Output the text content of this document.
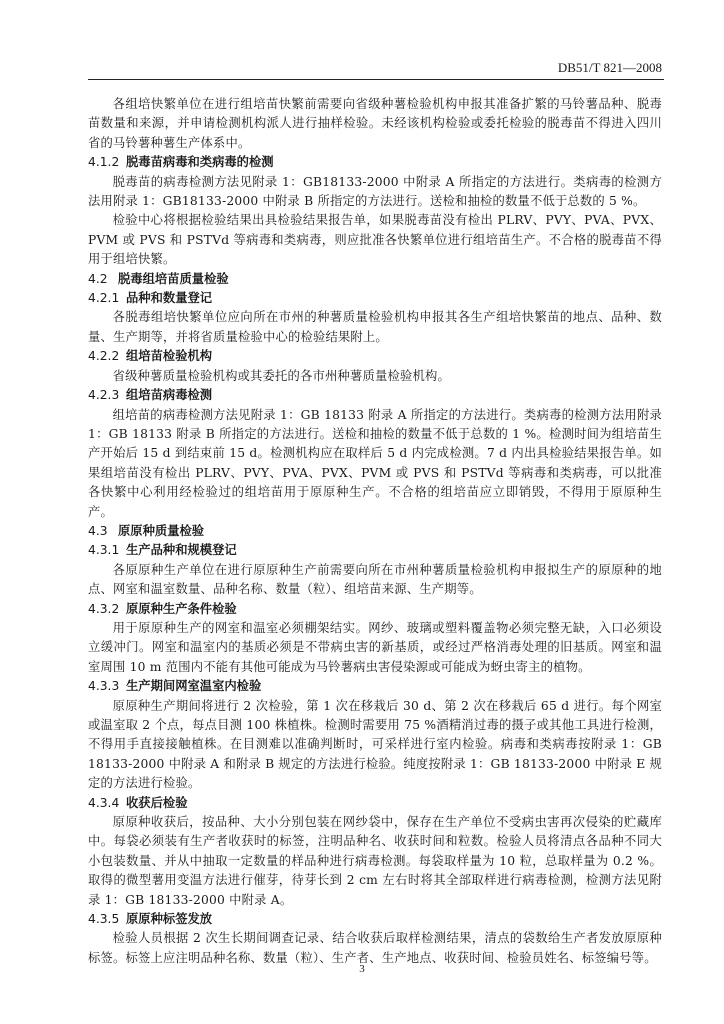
DB51/T 821—2008

各组培快繁单位在进行组培苗快繁前需要向省级种薯检验机构申报其准备扩繁的马铃薯品种、脱毒苗数量和来源，并申请检测机构派人进行抽样检验。未经该机构检验或委托检验的脱毒苗不得进入四川省的马铃薯种薯生产体系中。

4.1.2 脱毒苗病毒和类病毒的检测

脱毒苗的病毒检测方法见附录 1：GB18133-2000 中附录 A 所指定的方法进行。类病毒的检测方法用附录 1：GB18133-2000 中附录 B 所指定的方法进行。送检和抽检的数量不低于总数的 5 %。

检验中心将根据检验结果出具检验结果报告单，如果脱毒苗没有检出 PLRV、PVY、PVA、PVX、PVM 或 PVS 和 PSTVd 等病毒和类病毒，则应批准各快繁单位进行组培苗生产。不合格的脱毒苗不得用于组培快繁。

4.2 脱毒组培苗质量检验
4.2.1 品种和数量登记

各脱毒组培快繁单位应向所在市州的种薯质量检验机构申报其各生产组培快繁苗的地点、品种、数量、生产期等，并将省质量检验中心的检验结果附上。

4.2.2 组培苗检验机构

省级种薯质量检验机构或其委托的各市州种薯质量检验机构。

4.2.3 组培苗病毒检测

组培苗的病毒检测方法见附录 1：GB 18133 附录 A 所指定的方法进行。类病毒的检测方法用附录 1：GB 18133 附录 B 所指定的方法进行。送检和抽检的数量不低于总数的 1 %。检测时间为组培苗生产开始后 15 d 到结束前 15 d。检测机构应在取样后 5 d 内完成检测。7 d 内出具检验结果报告单。如果组培苗没有检出 PLRV、PVY、PVA、PVX、PVM 或 PVS 和 PSTVd 等病毒和类病毒，可以批准各快繁中心利用经检验过的组培苗用于原原种生产。不合格的组培苗应立即销毁，不得用于原原种生产。

4.3 原原种质量检验
4.3.1 生产品种和规模登记

各原原种生产单位在进行原原种生产前需要向所在市州种薯质量检验机构申报拟生产的原原种的地点、网室和温室数量、品种名称、数量（粒）、组培苗来源、生产期等。

4.3.2 原原种生产条件检验

用于原原种生产的网室和温室必须棚架结实。网纱、玻璃或塑料覆盖物必须完整无缺，入口必须设立缓冲门。网室和温室内的基质必须是不带病虫害的新基质，或经过严格消毒处理的旧基质。网室和温室周围 10 m 范围内不能有其他可能成为马铃薯病虫害侵染源或可能成为蚜虫寄主的植物。

4.3.3 生产期间网室温室内检验

原原种生产期间将进行 2 次检验，第 1 次在移栽后 30 d、第 2 次在移栽后 65 d 进行。每个网室或温室取 2 个点，每点目测 100 株植株。检测时需要用 75 %酒精消过毒的摄子或其他工具进行检测，不得用手直接接触植株。在目测难以准确判断时，可采样进行室内检验。病毒和类病毒按附录 1：GB 18133-2000 中附录 A 和附录 B 规定的方法进行检验。纯度按附录 1：GB 18133-2000 中附录 E 规定的方法进行检验。

4.3.4 收获后检验

原原种收获后，按品种、大小分别包装在网纱袋中，保存在生产单位不受病虫害再次侵染的贮藏库中。每袋必须装有生产者收获时的标签，注明品种名、收获时间和粒数。检验人员将清点各品种不同大小包装数量、并从中抽取一定数量的样品种进行病毒检测。每袋取样量为 10 粒，总取样量为 0.2 %。取得的微型薯用变温方法进行催芽，待芽长到 2 cm 左右时将其全部取样进行病毒检测，检测方法见附录 1：GB 18133-2000 中附录 A。

4.3.5 原原种标签发放

检验人员根据 2 次生长期间调查记录、结合收获后取样检测结果，清点的袋数给生产者发放原原种标签。标签上应注明品种名称、数量（粒）、生产者、生产地点、收获时间、检验员姓名、标签编号等。

3
